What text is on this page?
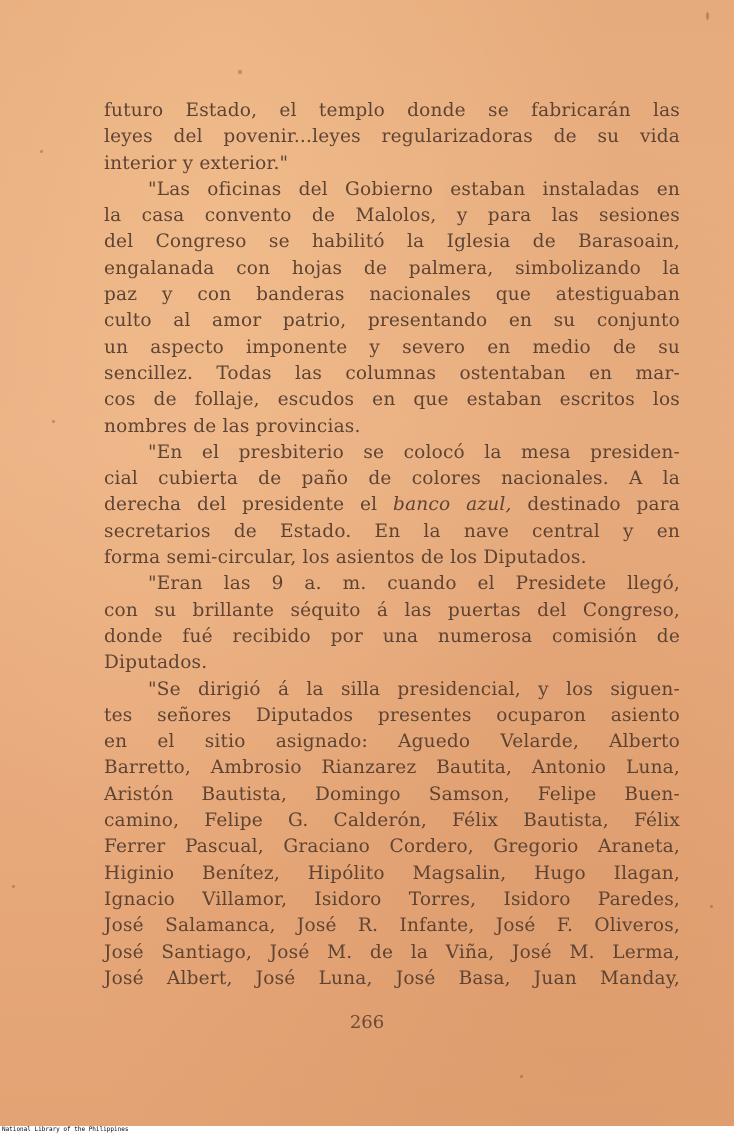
futuro Estado, el templo donde se fabricarán las
leyes del povenir...leyes regularizadoras de su vida
interior y exterior."

"Las oficinas del Gobierno estaban instaladas en
la casa convento de Malolos, y para las sesiones
del Congreso se habilitó la Iglesia de Barasoain,
engalanada con hojas de palmera, simbolizando la
paz y con banderas nacionales que atestiguaban
culto al amor patrio, presentando en su conjunto
un aspecto imponente y severo en medio de su
sencillez. Todas las columnas ostentaban en mar-
cos de follaje, escudos en que estaban escritos los
nombres de las provincias.

"En el presbiterio se colocó la mesa presiden-
cial cubierta de paño de colores nacionales. A la
derecha del presidente el banco azul, destinado para
secretarios de Estado. En la nave central y en
forma semi-circular, los asientos de los Diputados.

"Eran las 9 a. m. cuando el Presidete llegó,
con su brillante séquito á las puertas del Congreso,
donde fué recibido por una numerosa comisión de
Diputados.

"Se dirigió á la silla presidencial, y los siguen-
tes señores Diputados presentes ocuparon asiento
en el sitio asignado: Aguedo Velarde, Alberto
Barretto, Ambrosio Rianzarez Bautita, Antonio Luna,
Aristón Bautista, Domingo Samson, Felipe Buen-
camino, Felipe G. Calderón, Félix Bautista, Félix
Ferrer Pascual, Graciano Cordero, Gregorio Araneta,
Higinio Benítez, Hipólito Magsalin, Hugo Ilagan,
Ignacio Villamor, Isidoro Torres, Isidoro Paredes,
José Salamanca, José R. Infante, José F. Oliveros,
José Santiago, José M. de la Viña, José M. Lerma,
José Albert, José Luna, José Basa, Juan Manday,

266
National Library of the Philippines
